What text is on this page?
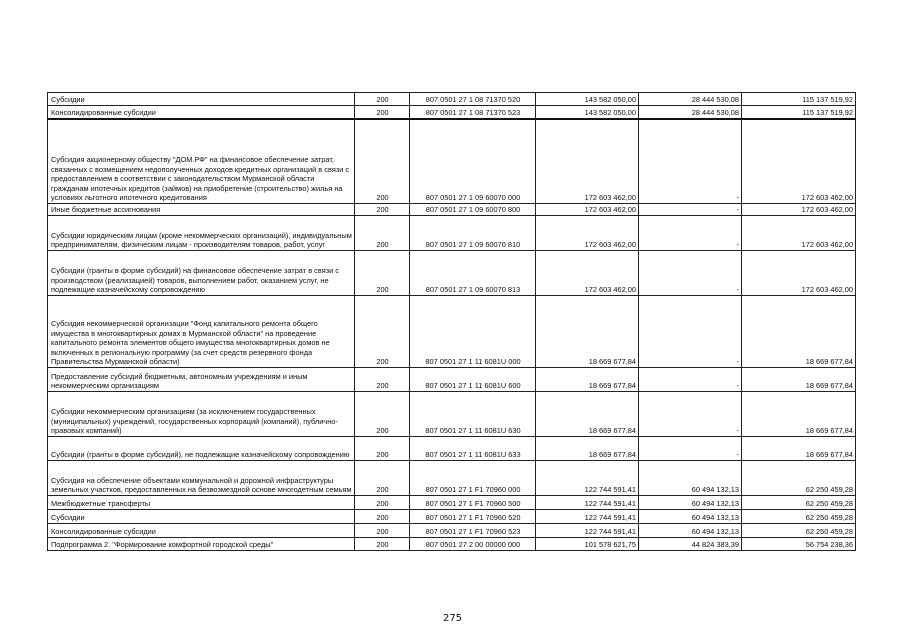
Субсидии	200	807 0501 27 1 08 71370 520	143 582 050,00	28 444 530,08	115 137 519,92
Консолидированные субсидии	200	807 0501 27 1 08 71370 523	143 582 050,00	28 444 530,08	115 137 519,92
Субсидия акционерному обществу "ДОМ.РФ" на финансовое обеспечение затрат, связанных с возмещением недополученных доходов кредитных организаций в связи с предоставлением в соответствии с законодательством Мурманской области гражданам ипотечных кредитов (займов) на приобретение (строительство) жилья на условиях льготного ипотечного кредитования	200	807 0501 27 1 09 60070 000	172 603 462,00	-	172 603 462,00
Иные бюджетные ассигнования	200	807 0501 27 1 09 60070 800	172 603 462,00	-	172 603 462,00
Субсидии юридическим лицам (кроме некоммерческих организаций), индивидуальным предпринимателям, физическим лицам - производителям товаров, работ, услуг	200	807 0501 27 1 09 60070 810	172 603 462,00	-	172 603 462,00
Субсидии (гранты в форме субсидий) на финансовое обеспечение затрат в связи с производством (реализацией) товаров, выполнением работ, оказанием услуг, не подлежащие казначейскому сопровождению	200	807 0501 27 1 09 60070 813	172 603 462,00	-	172 603 462,00
Субсидия некоммерческой организации "Фонд капитального ремонта общего имущества в многоквартирных домах в Мурманской области" на проведение капитального ремонта элементов общего имущества многоквартирных домов не включенных в региональную программу (за счет средств резервного фонда Правительства Мурманской области)	200	807 0501 27 1 11 6081U 000	18 669 677,84	-	18 669 677,84
Предоставление субсидий бюджетным, автономным учреждениям и иным некоммерческим организациям	200	807 0501 27 1 11 6081U 600	18 669 677,84	-	18 669 677,84
Субсидии некоммерческим организациям (за исключением государственных (муниципальных) учреждений, государственных корпораций (компаний), публично-правовых компаний)	200	807 0501 27 1 11 6081U 630	18 669 677,84	-	18 669 677,84
Субсидии (гранты в форме субсидий), не подлежащие казначейскому сопровождению	200	807 0501 27 1 11 6081U 633	18 669 677,84	-	18 669 677,84
Субсидия на обеспечение объектами коммунальной и дорожной инфраструктуры земельных участков, предоставленных на безвозмездной основе многодетным семьям	200	807 0501 27 1 F1 70960 000	122 744 591,41	60 494 132,13	62 250 459,28
Межбюджетные трансферты	200	807 0501 27 1 F1 70960 500	122 744 591,41	60 494 132,13	62 250 459,28
Субсидии	200	807 0501 27 1 F1 70960 520	122 744 591,41	60 494 132,13	62 250 459,28
Консолидированные субсидии	200	807 0501 27 1 F1 70960 523	122 744 591,41	60 494 132,13	62 250 459,28
Подпрограмма 2. "Формирование комфортной городской среды"	200	807 0501 27 2 00 00000 000	101 578 621,75	44 824 383,39	56 754 238,36
275
